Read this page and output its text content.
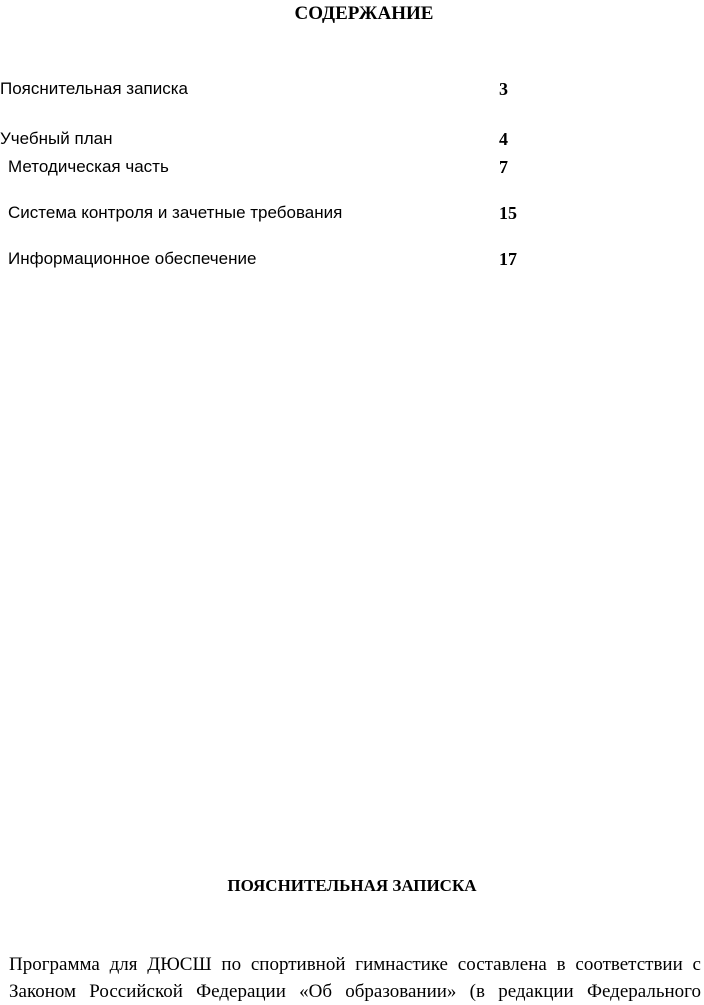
СОДЕРЖАНИЕ
Пояснительная записка	3
Учебный план	4
Методическая часть	7
Система контроля и зачетные требования	15
Информационное обеспечение	17
ПОЯСНИТЕЛЬНАЯ ЗАПИСКА
Программа для ДЮСШ по спортивной гимнастике составлена в соответствии с
Законом Российской Федерации «Об образовании» (в редакции Федерального
